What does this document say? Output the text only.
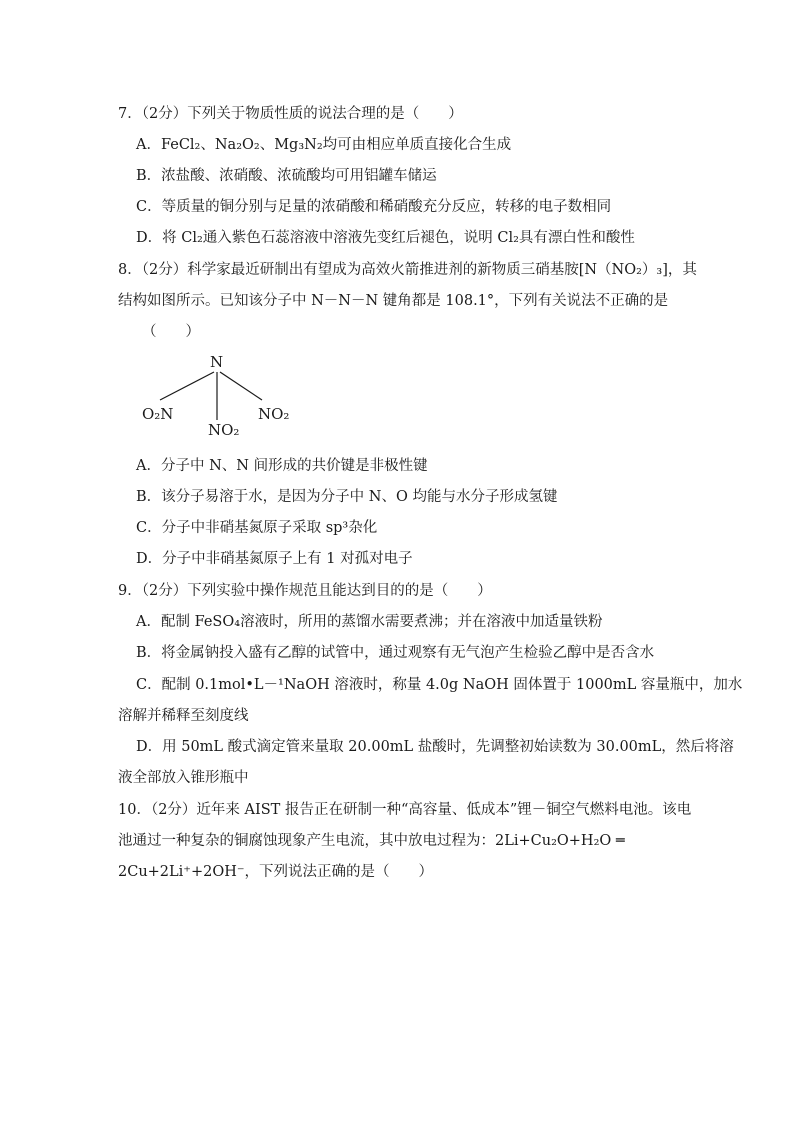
7．（2分）下列关于物质性质的说法合理的是（　　）
A．FeCl₂、Na₂O₂、Mg₃N₂均可由相应单质直接化合生成
B．浓盐酸、浓硝酸、浓硫酸均可用铝罐车储运
C．等质量的铜分别与足量的浓硝酸和稀硝酸充分反应，转移的电子数相同
D．将 Cl₂通入紫色石蕊溶液中溶液先变红后褪色，说明 Cl₂具有漂白性和酸性
8．（2分）科学家最近研制出有望成为高效火箭推进剂的新物质三硝基胺[N（NO₂）₃]，其
结构如图所示。已知该分子中 N－N－N 键角都是 108.1°，下列有关说法不正确的是
（　　）
N
O₂N	NO₂
NO₂
A．分子中 N、N 间形成的共价键是非极性键
B．该分子易溶于水，是因为分子中 N、O 均能与水分子形成氢键
C．分子中非硝基氮原子采取 sp³杂化
D．分子中非硝基氮原子上有 1 对孤对电子
9．（2分）下列实验中操作规范且能达到目的的是（　　）
A．配制 FeSO₄溶液时，所用的蒸馏水需要煮沸；并在溶液中加适量铁粉
B．将金属钠投入盛有乙醇的试管中，通过观察有无气泡产生检验乙醇中是否含水
C．配制 0.1mol•L－¹NaOH 溶液时，称量 4.0g NaOH 固体置于 1000mL 容量瓶中，加水
溶解并稀释至刻度线
D．用 50mL 酸式滴定管来量取 20.00mL 盐酸时，先调整初始读数为 30.00mL，然后将溶
液全部放入锥形瓶中
10．（2分）近年来 AIST 报告正在研制一种“高容量、低成本”锂－铜空气燃料电池。该电
池通过一种复杂的铜腐蚀现象产生电流，其中放电过程为：2Li+Cu₂O+H₂O ═
2Cu+2Li⁺+2OH⁻，下列说法正确的是（　　）
